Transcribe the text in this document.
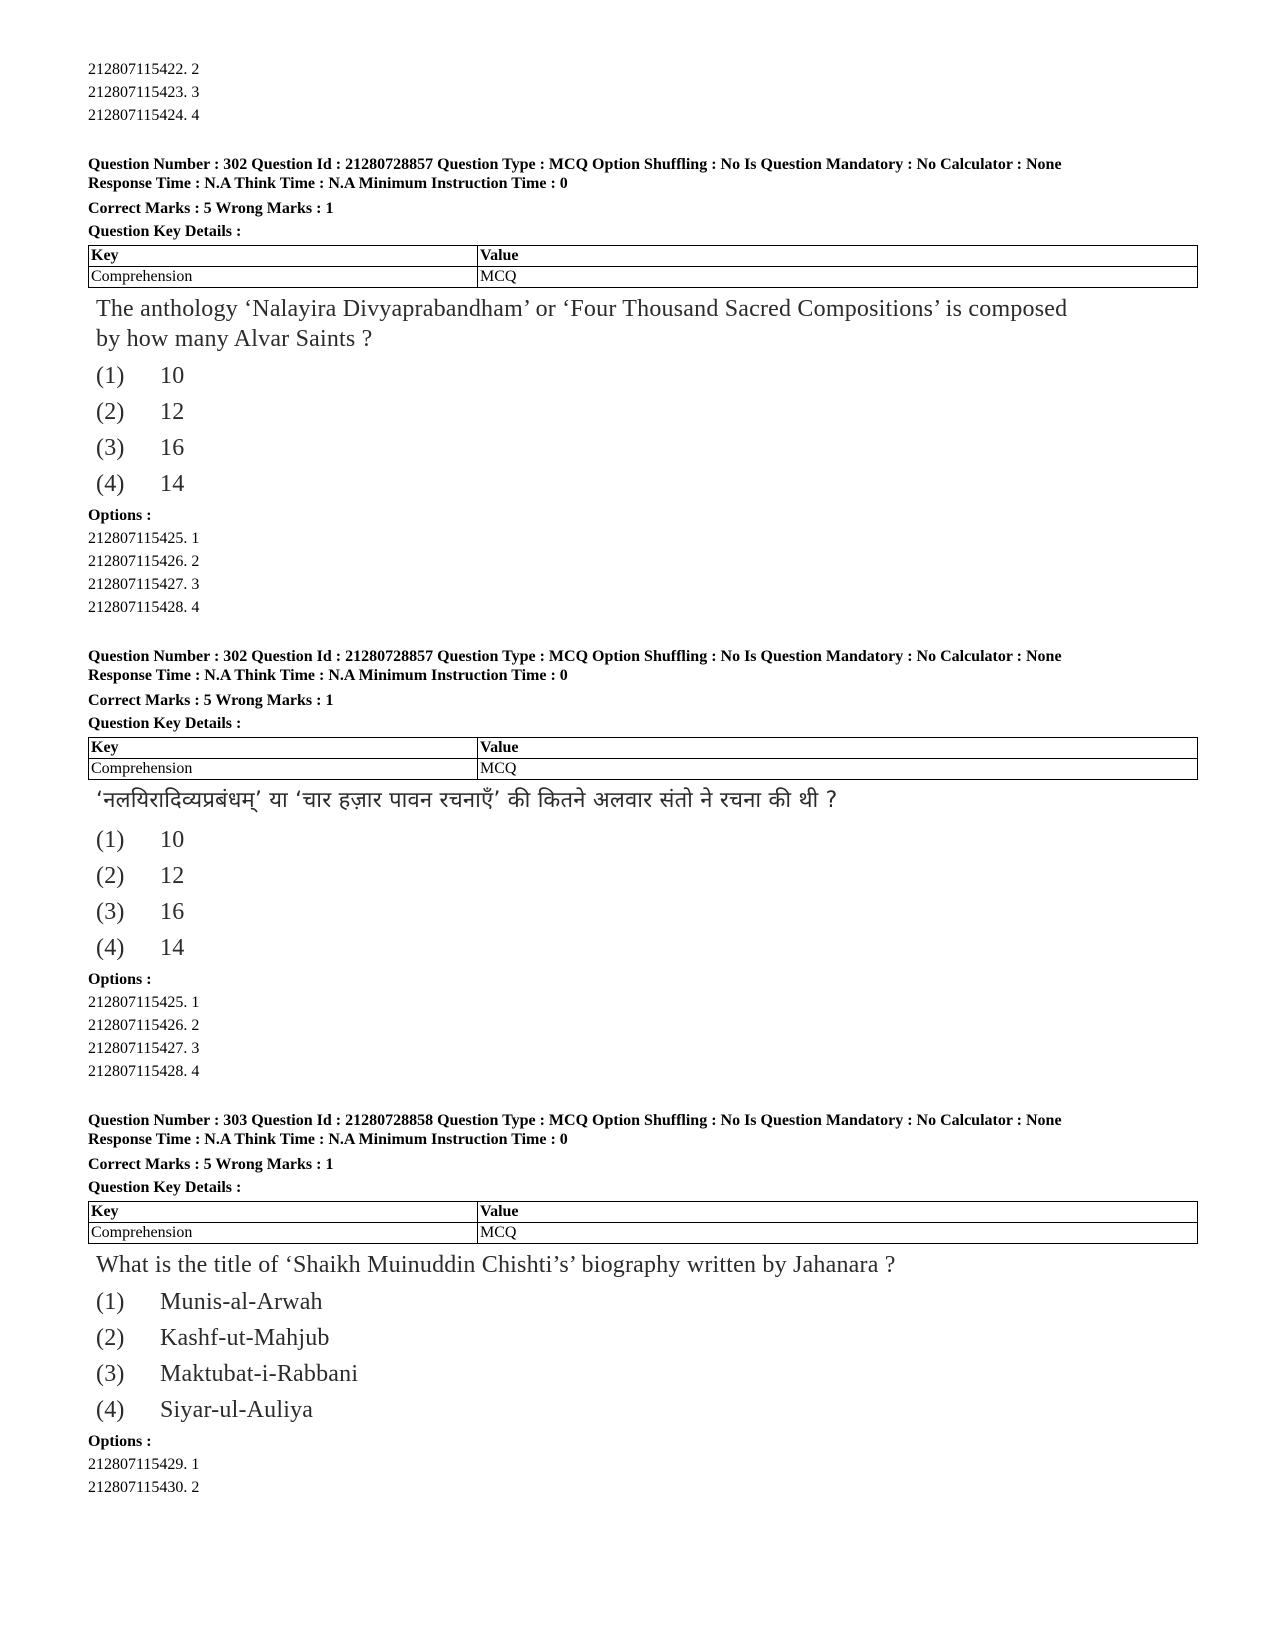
212807115422. 2
212807115423. 3
212807115424. 4
Question Number : 302 Question Id : 21280728857 Question Type : MCQ Option Shuffling : No Is Question Mandatory : No Calculator : None
Response Time : N.A Think Time : N.A Minimum Instruction Time : 0
Correct Marks : 5 Wrong Marks : 1
Question Key Details :
Key	Value
Comprehension	MCQ
The anthology ‘Nalayira Divyaprabandham’ or ‘Four Thousand Sacred Compositions’ is composed
by how many Alvar Saints ?
(1)	10
(2)	12
(3)	16
(4)	14
Options :
212807115425. 1
212807115426. 2
212807115427. 3
212807115428. 4
Question Number : 302 Question Id : 21280728857 Question Type : MCQ Option Shuffling : No Is Question Mandatory : No Calculator : None
Response Time : N.A Think Time : N.A Minimum Instruction Time : 0
Correct Marks : 5 Wrong Marks : 1
Question Key Details :
Key	Value
Comprehension	MCQ
‘नलयिरादिव्यप्रबंधम्’ या ‘चार हज़ार पावन रचनाएँ’ की कितने अलवार संतो ने रचना की थी ?
(1)	10
(2)	12
(3)	16
(4)	14
Options :
212807115425. 1
212807115426. 2
212807115427. 3
212807115428. 4
Question Number : 303 Question Id : 21280728858 Question Type : MCQ Option Shuffling : No Is Question Mandatory : No Calculator : None
Response Time : N.A Think Time : N.A Minimum Instruction Time : 0
Correct Marks : 5 Wrong Marks : 1
Question Key Details :
Key	Value
Comprehension	MCQ
What is the title of ‘Shaikh Muinuddin Chishti’s’ biography written by Jahanara ?
(1)	Munis-al-Arwah
(2)	Kashf-ut-Mahjub
(3)	Maktubat-i-Rabbani
(4)	Siyar-ul-Auliya
Options :
212807115429. 1
212807115430. 2
